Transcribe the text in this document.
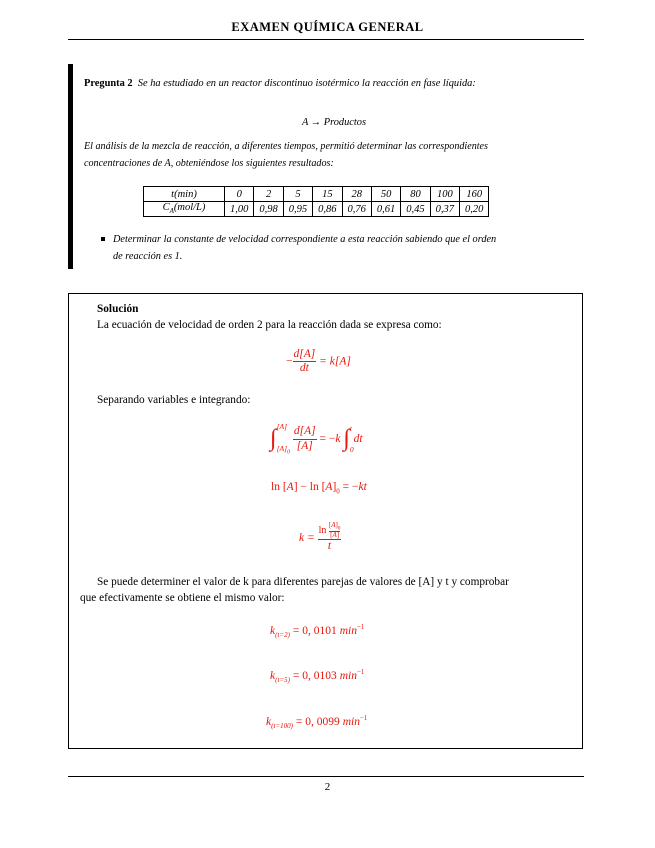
EXAMEN QUÍMICA GENERAL
Pregunta 2 Se ha estudiado en un reactor discontinuo isotérmico la reacción en fase líquida:
A → Productos
El análisis de la mezcla de reacción, a diferentes tiempos, permitió determinar las correspondientes
concentraciones de A, obteniéndose los siguientes resultados:
t(min)	0	2	5	15	28	50	80	100	160
$C_A(mol/L)$	1,00	0,98	0,95	0,86	0,76	0,61	0,45	0,37	0,20
Determinar la constante de velocidad correspondiente a esta reacción sabiendo que el orden
de reacción es 1.
Solución
La ecuación de velocidad de orden 2 para la reacción dada se expresa como:
− $\frac{d[A]}{dt} = k[A]$
Separando variables e integrando:
∫ [A]
$[A]_0$
$\frac{d[A]}{[A]} = -k$ ∫ t
0
dt
$\ln [A] - \ln [A]_0 = -kt$
$k = \frac{\ln \frac{[A]_0}{[A]}}{t}$
Se puede determiner el valor de k para diferentes parejas de valores de [A] y t y comprobar
que efectivamente se obtiene el mismo valor:
$k_{(t=2)} = 0$, 0101 $\min^{-1}$
$k_{(t=5)} = 0$, 0103 $\min^{-1}$
$k_{(t=100)} = 0$, 0099 $\min^{-1}$
2
